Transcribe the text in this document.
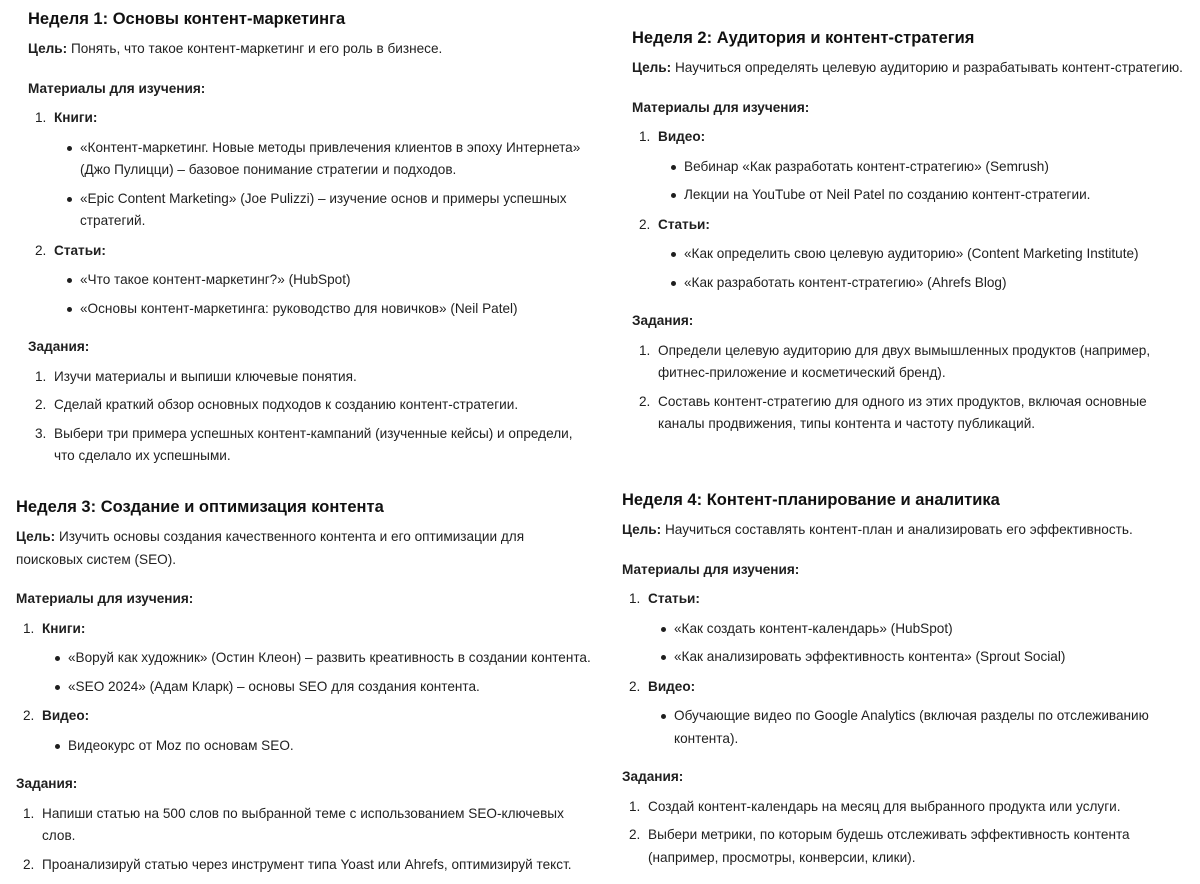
Неделя 1: Основы контент-маркетинга

Цель: Понять, что такое контент-маркетинг и его роль в бизнесе.

Материалы для изучения:
1. Книги:
«Контент-маркетинг. Новые методы привлечения клиентов в эпоху Интернета» (Джо Пулицци) – базовое понимание стратегии и подходов.
«Epic Content Marketing» (Joe Pulizzi) – изучение основ и примеры успешных стратегий.
2. Статьи:
«Что такое контент-маркетинг?» (HubSpot)
«Основы контент-маркетинга: руководство для новичков» (Neil Patel)
Задания:
1. Изучи материалы и выпиши ключевые понятия.
2. Сделай краткий обзор основных подходов к созданию контент-стратегии.
3. Выбери три примера успешных контент-кампаний (изученные кейсы) и определи, что сделало их успешными.
Неделя 2: Аудитория и контент-стратегия

Цель: Научиться определять целевую аудиторию и разрабатывать контент-стратегию.

Материалы для изучения:
1. Видео:
Вебинар «Как разработать контент-стратегию» (Semrush)
Лекции на YouTube от Neil Patel по созданию контент-стратегии.
2. Статьи:
«Как определить свою целевую аудиторию» (Content Marketing Institute)
«Как разработать контент-стратегию» (Ahrefs Blog)
Задания:
1. Определи целевую аудиторию для двух вымышленных продуктов (например, фитнес-приложение и косметический бренд).
2. Составь контент-стратегию для одного из этих продуктов, включая основные каналы продвижения, типы контента и частоту публикаций.
Неделя 3: Создание и оптимизация контента

Цель: Изучить основы создания качественного контента и его оптимизации для поисковых систем (SEO).

Материалы для изучения:
1. Книги:
«Воруй как художник» (Остин Клеон) – развить креативность в создании контента.
«SEO 2024» (Адам Кларк) – основы SEO для создания контента.
2. Видео:
Видеокурс от Moz по основам SEO.
Задания:
1. Напиши статью на 500 слов по выбранной теме с использованием SEO-ключевых слов.
2. Проанализируй статью через инструмент типа Yoast или Ahrefs, оптимизируй текст.
Неделя 4: Контент-планирование и аналитика

Цель: Научиться составлять контент-план и анализировать его эффективность.

Материалы для изучения:
1. Статьи:
«Как создать контент-календарь» (HubSpot)
«Как анализировать эффективность контента» (Sprout Social)
2. Видео:
Обучающие видео по Google Analytics (включая разделы по отслеживанию контента).
Задания:
1. Создай контент-календарь на месяц для выбранного продукта или услуги.
2. Выбери метрики, по которым будешь отслеживать эффективность контента (например, просмотры, конверсии, клики).
